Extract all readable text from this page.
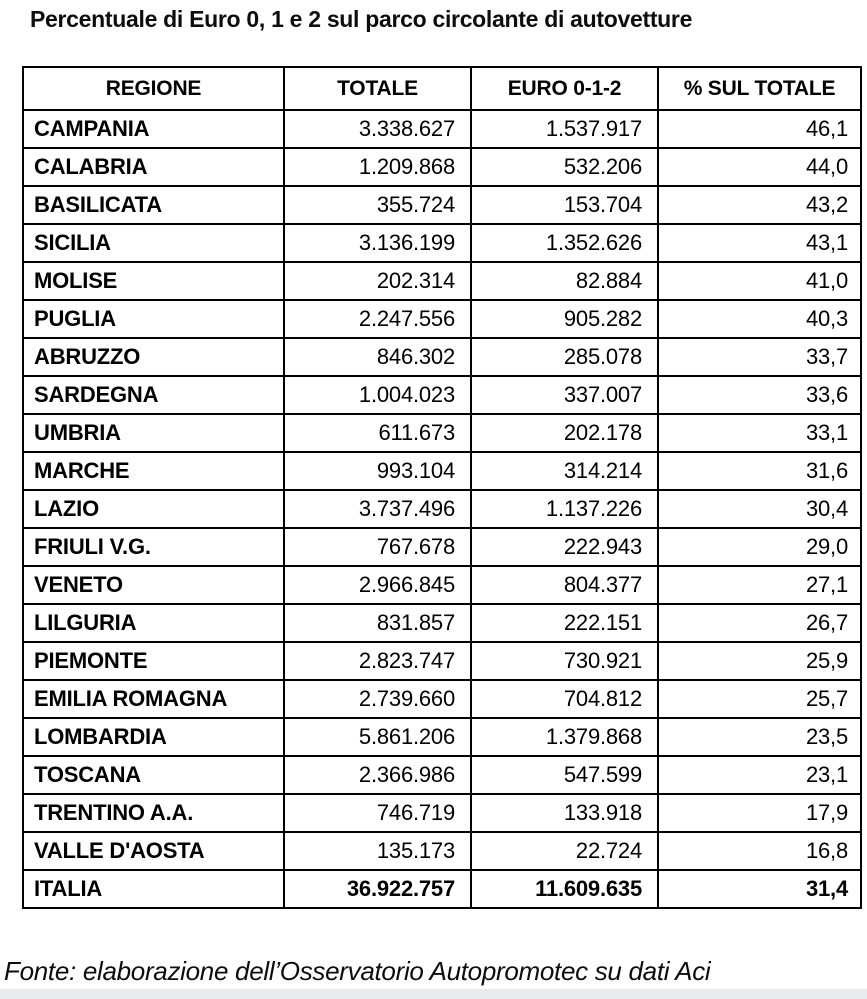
Percentuale di Euro 0, 1 e 2 sul parco circolante di autovetture
REGIONE	TOTALE	EURO 0-1-2	% SUL TOTALE
CAMPANIA	3.338.627	1.537.917	46,1
CALABRIA	1.209.868	532.206	44,0
BASILICATA	355.724	153.704	43,2
SICILIA	3.136.199	1.352.626	43,1
MOLISE	202.314	82.884	41,0
PUGLIA	2.247.556	905.282	40,3
ABRUZZO	846.302	285.078	33,7
SARDEGNA	1.004.023	337.007	33,6
UMBRIA	611.673	202.178	33,1
MARCHE	993.104	314.214	31,6
LAZIO	3.737.496	1.137.226	30,4
FRIULI V.G.	767.678	222.943	29,0
VENETO	2.966.845	804.377	27,1
LILGURIA	831.857	222.151	26,7
PIEMONTE	2.823.747	730.921	25,9
EMILIA ROMAGNA	2.739.660	704.812	25,7
LOMBARDIA	5.861.206	1.379.868	23,5
TOSCANA	2.366.986	547.599	23,1
TRENTINO A.A.	746.719	133.918	17,9
VALLE D'AOSTA	135.173	22.724	16,8
ITALIA	36.922.757	11.609.635	31,4
Fonte: elaborazione dell’Osservatorio Autopromotec su dati Aci
